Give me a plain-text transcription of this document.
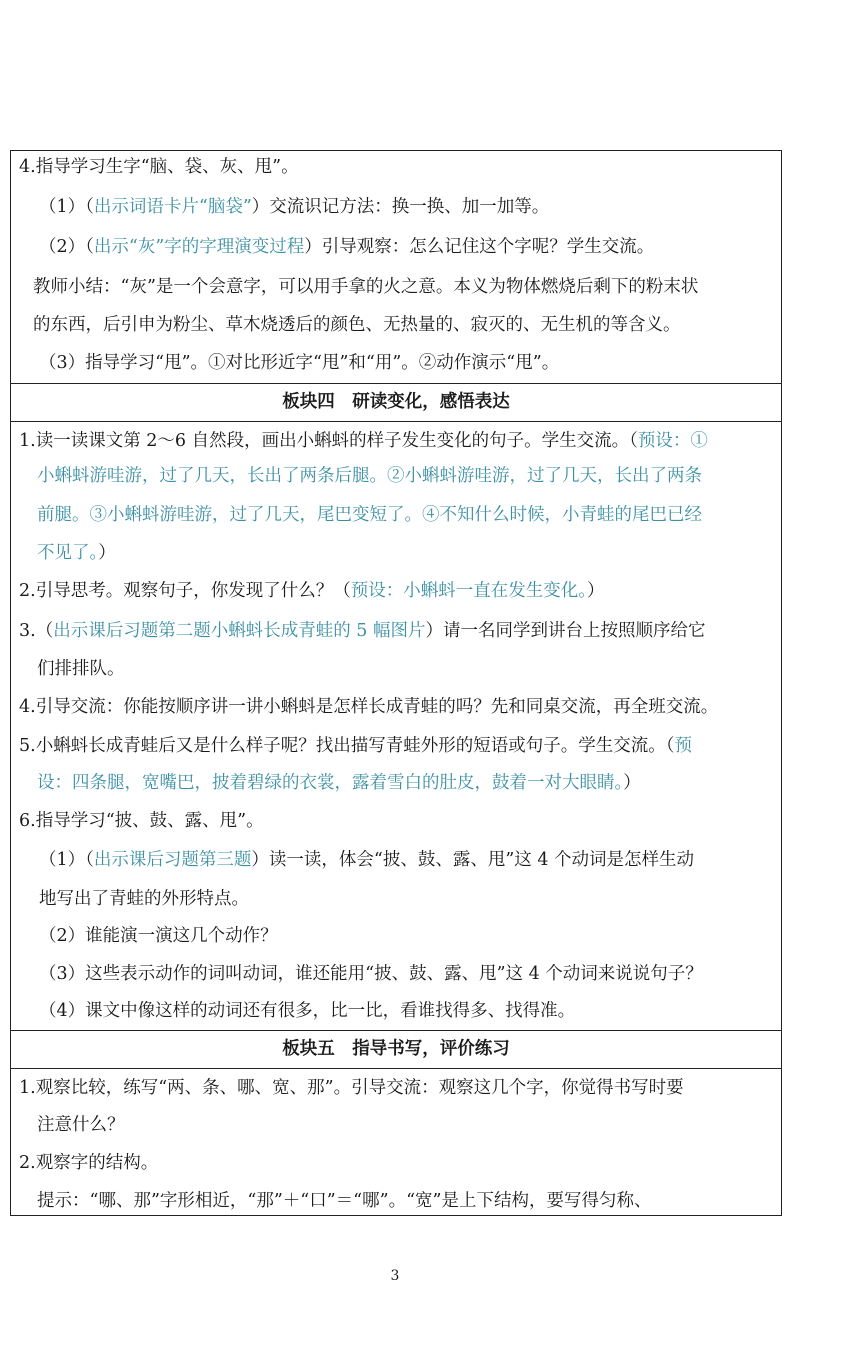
板块四　研读变化，感悟表达
板块五　指导书写，评价练习
4.指导学习生字“脑、袋、灰、甩”。
（1）（出示词语卡片“脑袋”）交流识记方法：换一换、加一加等。
（2）（出示“灰”字的字理演变过程）引导观察：怎么记住这个字呢？学生交流。
教师小结：“灰”是一个会意字，可以用手拿的火之意。本义为物体燃烧后剩下的粉末状
的东西，后引申为粉尘、草木烧透后的颜色、无热量的、寂灭的、无生机的等含义。
（3）指导学习“甩”。①对比形近字“甩”和“用”。②动作演示“甩”。
1.读一读课文第 2～6 自然段，画出小蝌蚪的样子发生变化的句子。学生交流。（预设：①
小蝌蚪游哇游，过了几天，长出了两条后腿。②小蝌蚪游哇游，过了几天，长出了两条
前腿。③小蝌蚪游哇游，过了几天，尾巴变短了。④不知什么时候，小青蛙的尾巴已经
不见了。）
2.引导思考。观察句子，你发现了什么？（预设：小蝌蚪一直在发生变化。）
3.（出示课后习题第二题小蝌蚪长成青蛙的 5 幅图片）请一名同学到讲台上按照顺序给它
们排排队。
4.引导交流：你能按顺序讲一讲小蝌蚪是怎样长成青蛙的吗？先和同桌交流，再全班交流。
5.小蝌蚪长成青蛙后又是什么样子呢？找出描写青蛙外形的短语或句子。学生交流。（预
设：四条腿，宽嘴巴，披着碧绿的衣裳，露着雪白的肚皮，鼓着一对大眼睛。）
6.指导学习“披、鼓、露、甩”。
（1）（出示课后习题第三题）读一读，体会“披、鼓、露、甩”这 4 个动词是怎样生动
地写出了青蛙的外形特点。
（2）谁能演一演这几个动作？
（3）这些表示动作的词叫动词，谁还能用“披、鼓、露、甩”这 4 个动词来说说句子？
（4）课文中像这样的动词还有很多，比一比，看谁找得多、找得准。
1.观察比较，练写“两、条、哪、宽、那”。引导交流：观察这几个字，你觉得书写时要
注意什么？
2.观察字的结构。
提示：“哪、那”字形相近，“那”＋“口”＝“哪”。“宽”是上下结构，要写得匀称、
3
